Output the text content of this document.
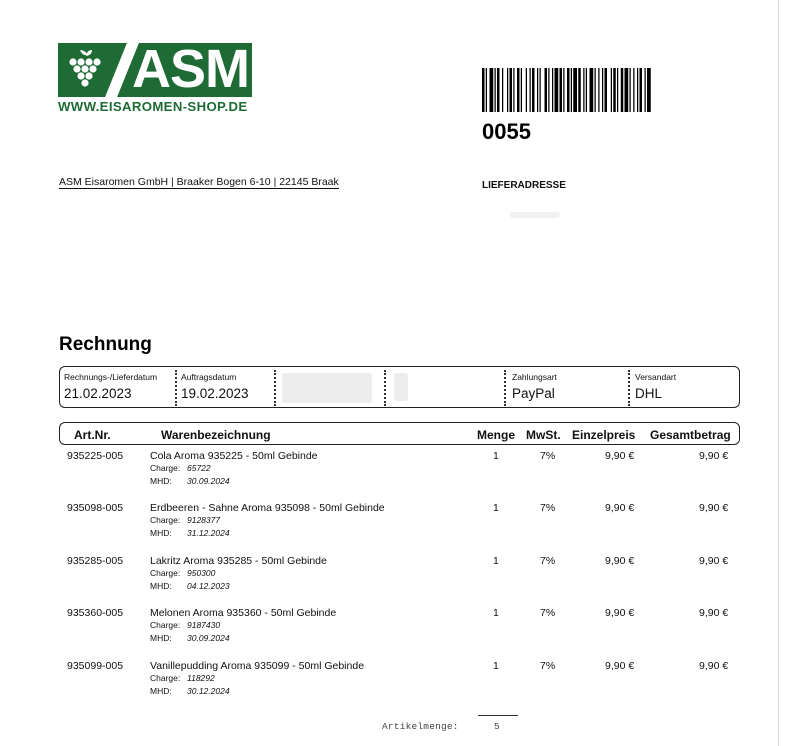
ASM
WWW.EISAROMEN-SHOP.DE
0055
ASM Eisaromen GmbH | Braaker Bogen 6-10 | 22145 Braak	LIEFERADRESSE
Rechnung
Rechnungs-/Lieferdatum
21.02.2023
Auftragsdatum
19.02.2023
Zahlungsart
PayPal
Versandart
DHL
Art.Nr.	Warenbezeichnung	Menge MwSt. Einzelpreis Gesamtbetrag
935225-005	Cola Aroma 935225 - 50ml Gebinde
Charge: 65722
MHD: 30.09.2024
1	7%	9,90 €	9,90 €
935098-005	Erdbeeren - Sahne Aroma 935098 - 50ml Gebinde
Charge: 9128377
MHD: 31.12.2024
1	7%	9,90 €	9,90 €
935285-005	Lakritz Aroma 935285 - 50ml Gebinde
Charge: 950300
MHD: 04.12.2023
1	7%	9,90 €	9,90 €
935360-005	Melonen Aroma 935360 - 50ml Gebinde
Charge: 9187430
MHD: 30.09.2024
1	7%	9,90 €	9,90 €
935099-005	Vanillepudding Aroma 935099 - 50ml Gebinde
Charge: 118292
MHD: 30.12.2024
1	7%	9,90 €	9,90 €
Artikelmenge:	5
